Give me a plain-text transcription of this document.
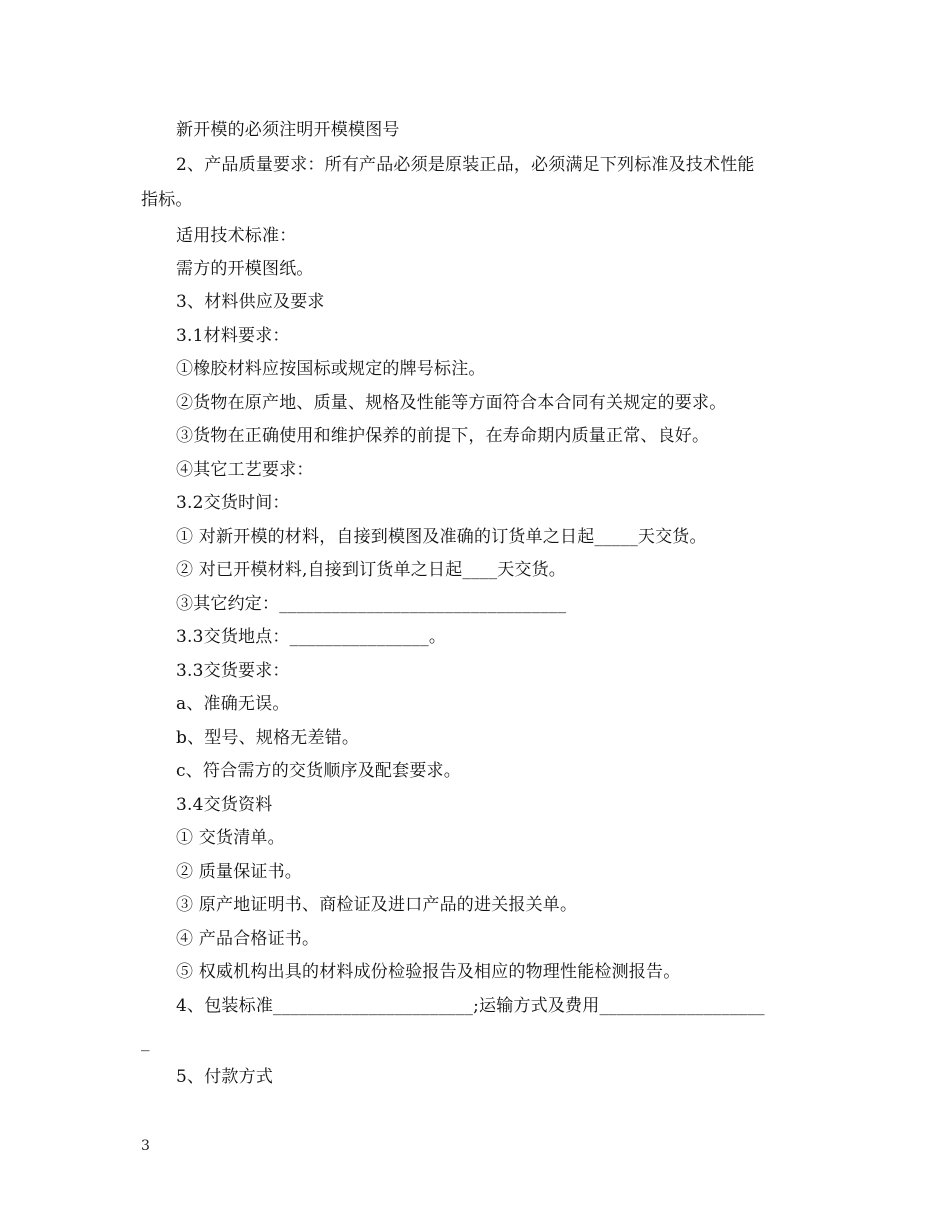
新开模的必须注明开模模图号
2、产品质量要求：所有产品必须是原装正品，必须满足下列标准及技术性能
指标。
适用技术标准：
需方的开模图纸。
3、材料供应及要求
3.1材料要求：
①橡胶材料应按国标或规定的牌号标注。
②货物在原产地、质量、规格及性能等方面符合本合同有关规定的要求。
③货物在正确使用和维护保养的前提下，在寿命期内质量正常、良好。
④其它工艺要求：
3.2交货时间：
① 对新开模的材料，自接到模图及准确的订货单之日起_____天交货。
② 对已开模材料,自接到订货单之日起____天交货。
③其它约定：_________________________________
3.3交货地点：________________。
3.3交货要求：
a、准确无误。
b、型号、规格无差错。
c、符合需方的交货顺序及配套要求。
3.4交货资料
① 交货清单。
② 质量保证书。
③ 原产地证明书、商检证及进口产品的进关报关单。
④ 产品合格证书。
⑤ 权威机构出具的材料成份检验报告及相应的物理性能检测报告。
4、包装标准_______________________;运输方式及费用___________________
_
5、付款方式
3
